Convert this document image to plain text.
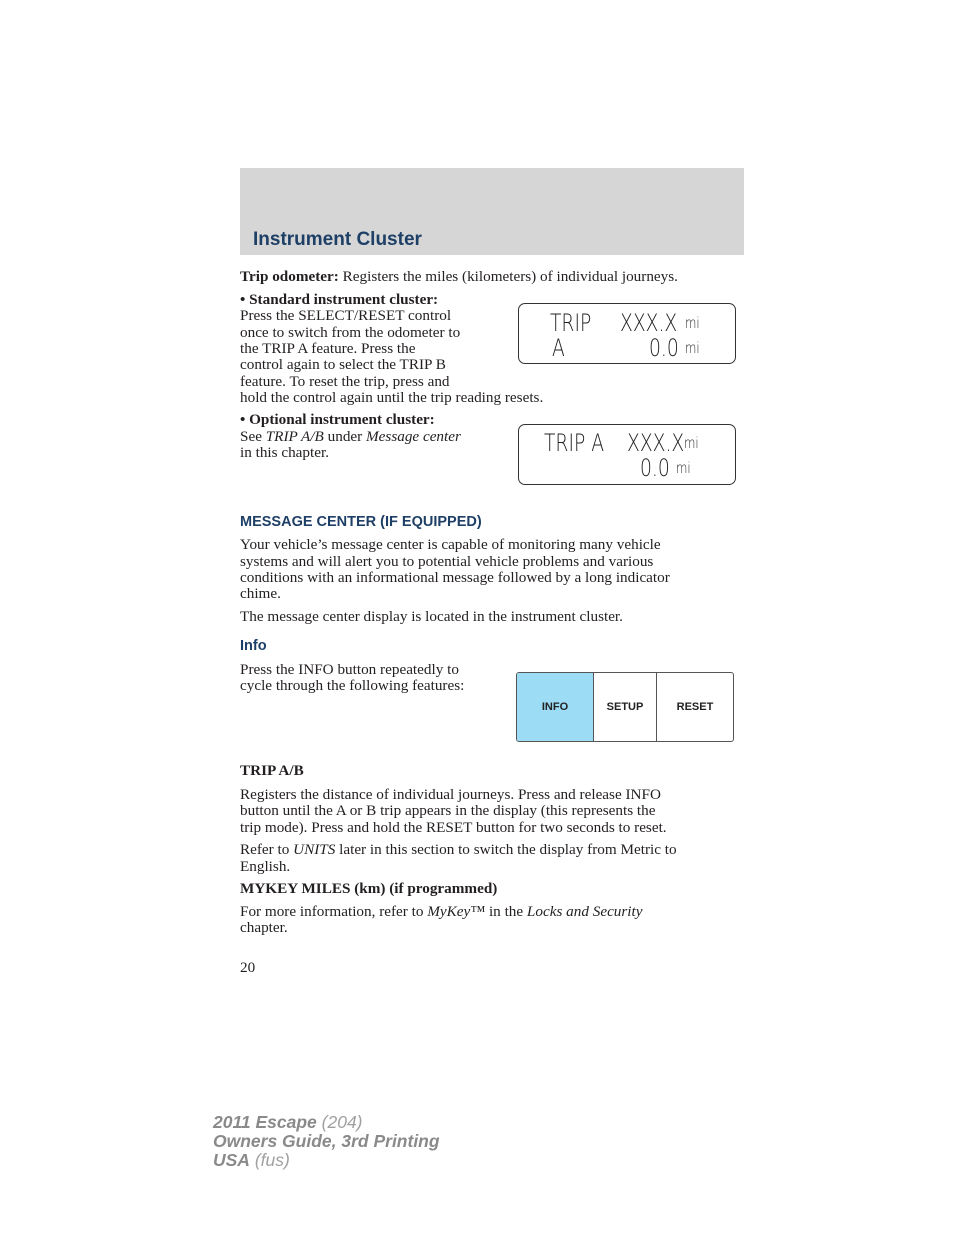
Instrument Cluster
Trip odometer: Registers the miles (kilometers) of individual journeys.
• Standard instrument cluster:
Press the SELECT/RESET control
once to switch from the odometer to
the TRIP A feature. Press the
control again to select the TRIP B
feature. To reset the trip, press and
hold the control again until the trip reading resets.
TRIP XXX.X mi
A	0.0 mi
• Optional instrument cluster:
See TRIP A/B under Message center
in this chapter.	TRIP A XXX.X mi
0.0 mi
MESSAGE CENTER (IF EQUIPPED)
Your vehicle’s message center is capable of monitoring many vehicle
systems and will alert you to potential vehicle problems and various
conditions with an informational message followed by a long indicator
chime.
The message center display is located in the instrument cluster.
Info
Press the INFO button repeatedly to
cycle through the following features:
INFO	SETUP	RESET
TRIP A/B
Registers the distance of individual journeys. Press and release INFO
button until the A or B trip appears in the display (this represents the
trip mode). Press and hold the RESET button for two seconds to reset.
Refer to UNITS later in this section to switch the display from Metric to
English.
MYKEY MILES (km) (if programmed)
For more information, refer to MyKey™ in the Locks and Security
chapter.
20
2011 Escape (204)
Owners Guide, 3rd Printing
USA (fus)
